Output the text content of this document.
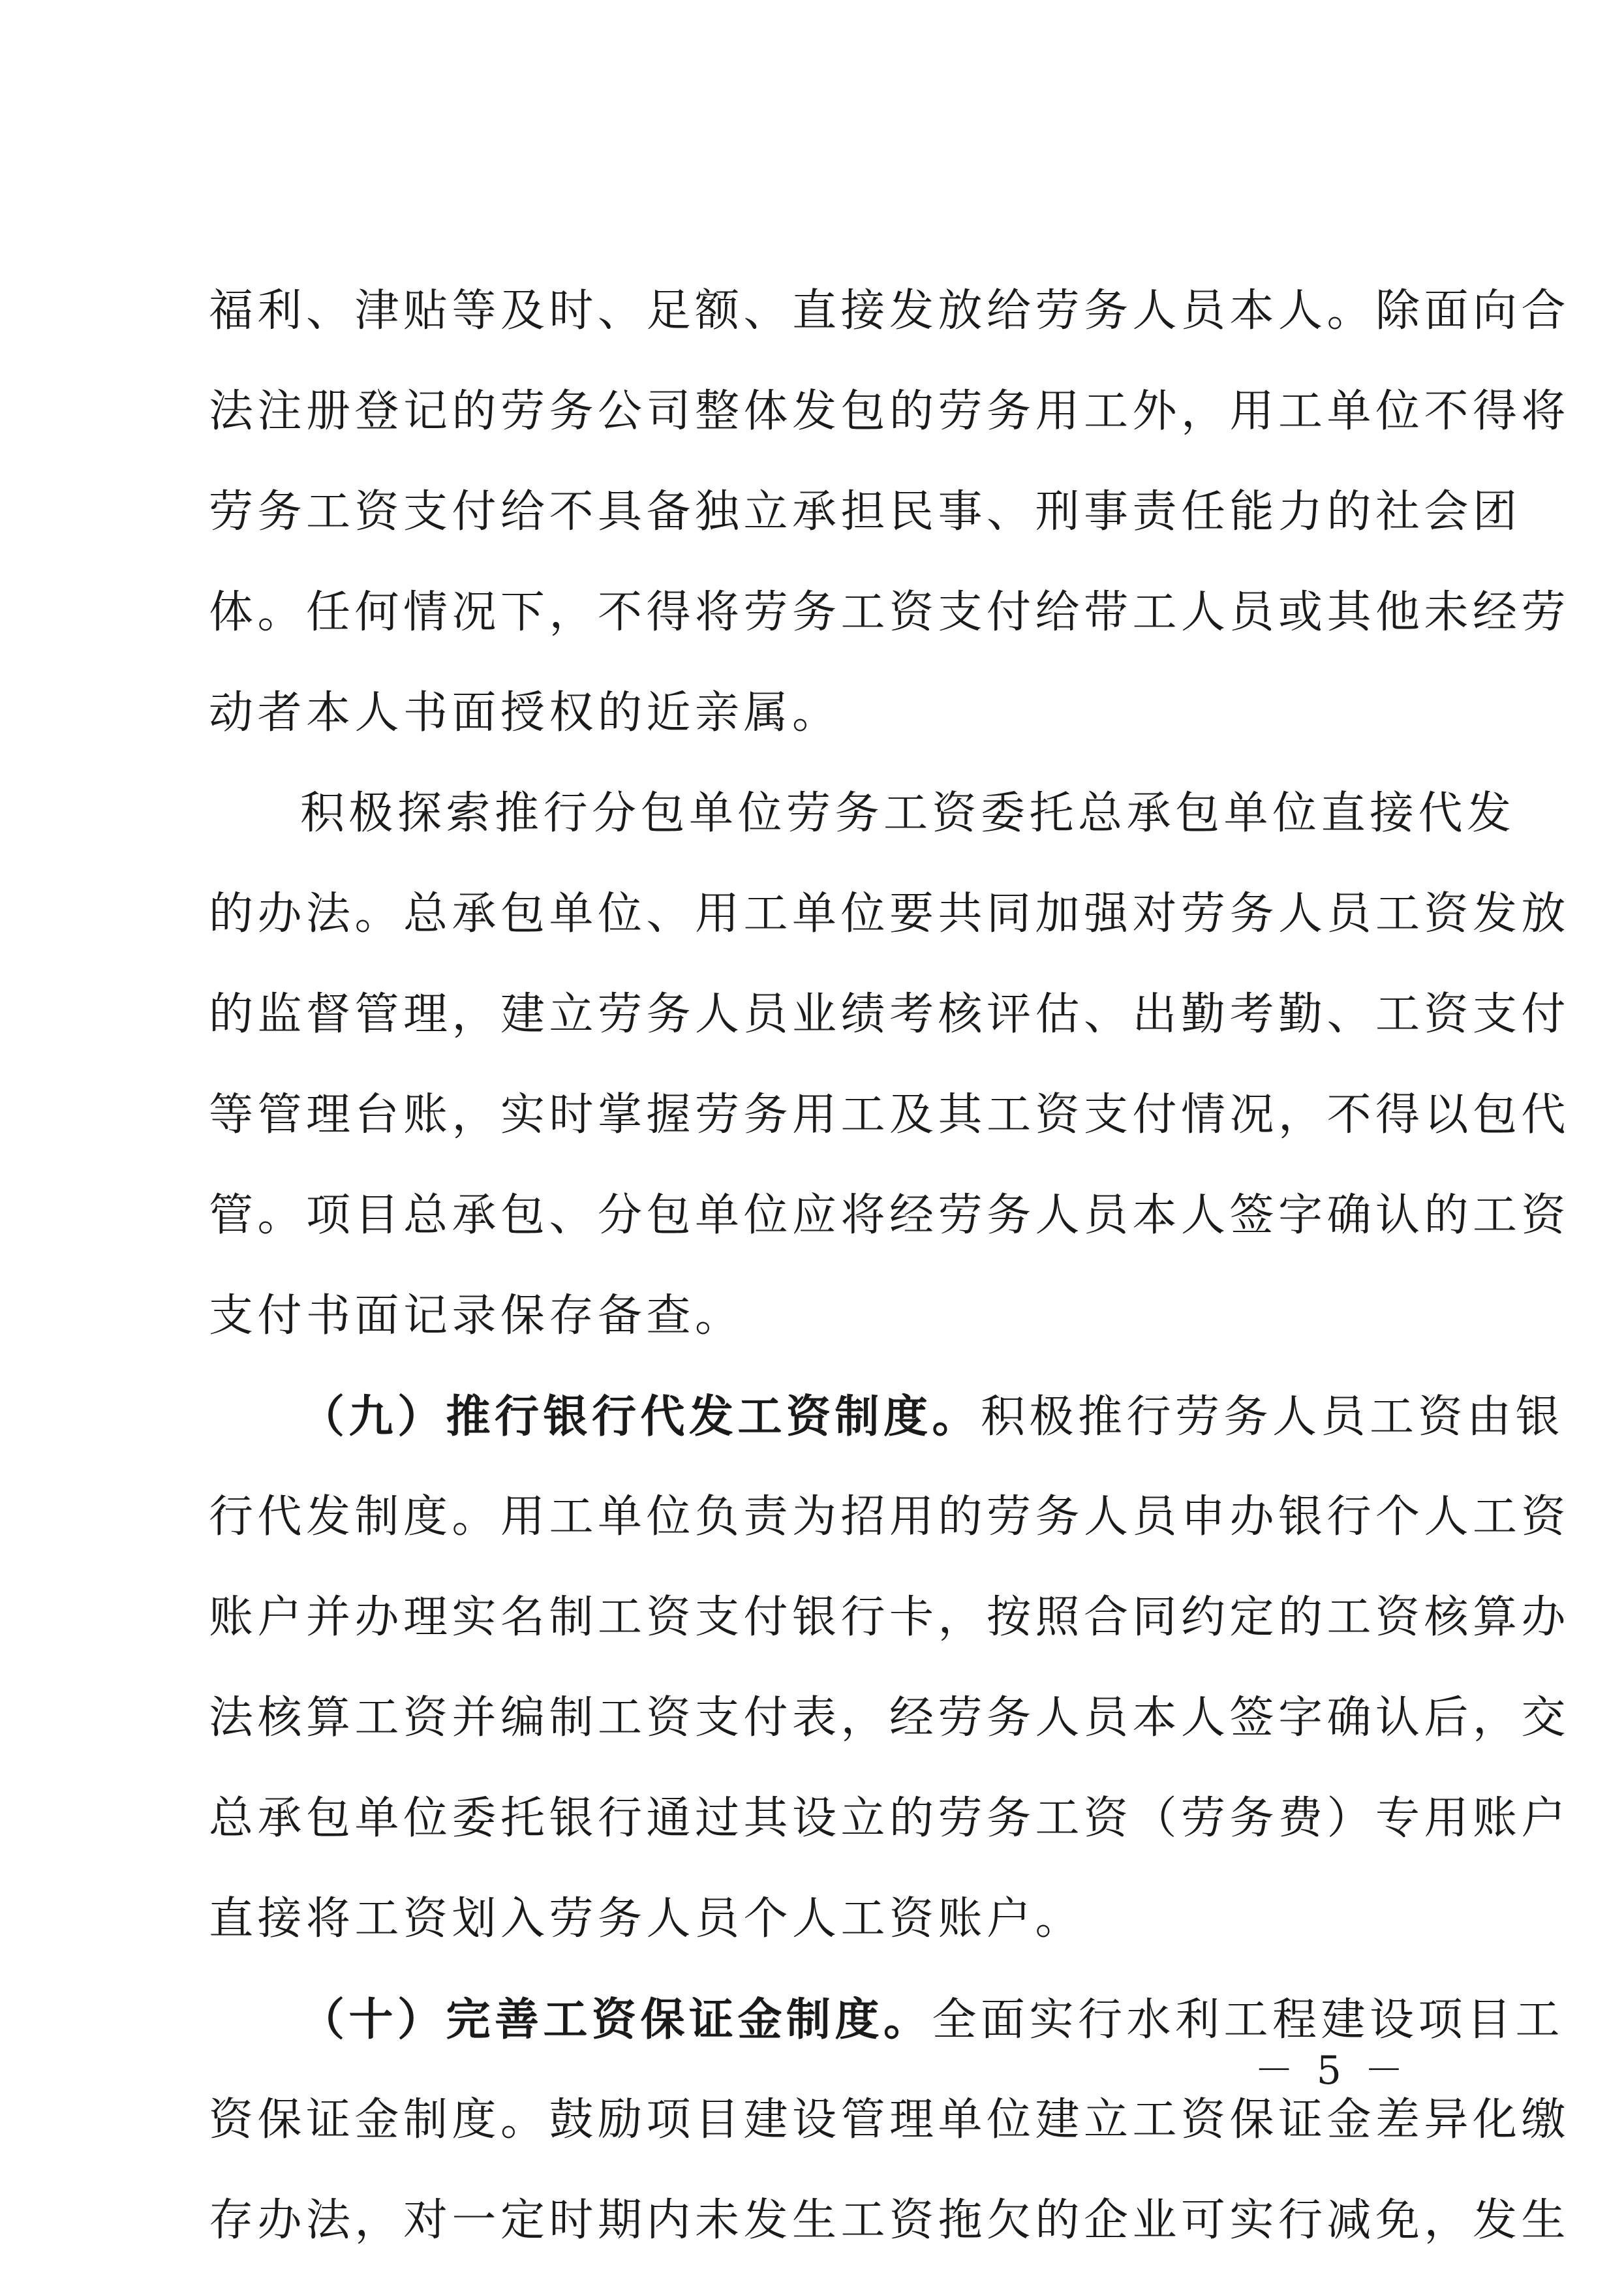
福利、津贴等及时、足额、直接发放给劳务人员本人。除面向合
法注册登记的劳务公司整体发包的劳务用工外，用工单位不得将
劳务工资支付给不具备独立承担民事、刑事责任能力的社会团
体。任何情况下，不得将劳务工资支付给带工人员或其他未经劳
动者本人书面授权的近亲属。
积极探索推行分包单位劳务工资委托总承包单位直接代发
的办法。总承包单位、用工单位要共同加强对劳务人员工资发放
的监督管理，建立劳务人员业绩考核评估、出勤考勤、工资支付
等管理台账，实时掌握劳务用工及其工资支付情况，不得以包代
管。项目总承包、分包单位应将经劳务人员本人签字确认的工资
支付书面记录保存备查。
（九）推行银行代发工资制度。积极推行劳务人员工资由银
行代发制度。用工单位负责为招用的劳务人员申办银行个人工资
账户并办理实名制工资支付银行卡，按照合同约定的工资核算办
法核算工资并编制工资支付表，经劳务人员本人签字确认后，交
总承包单位委托银行通过其设立的劳务工资（劳务费）专用账户
直接将工资划入劳务人员个人工资账户。
（十）完善工资保证金制度。全面实行水利工程建设项目工
资保证金制度。鼓励项目建设管理单位建立工资保证金差异化缴
存办法，对一定时期内未发生工资拖欠的企业可实行减免，发生
－ 5 －
